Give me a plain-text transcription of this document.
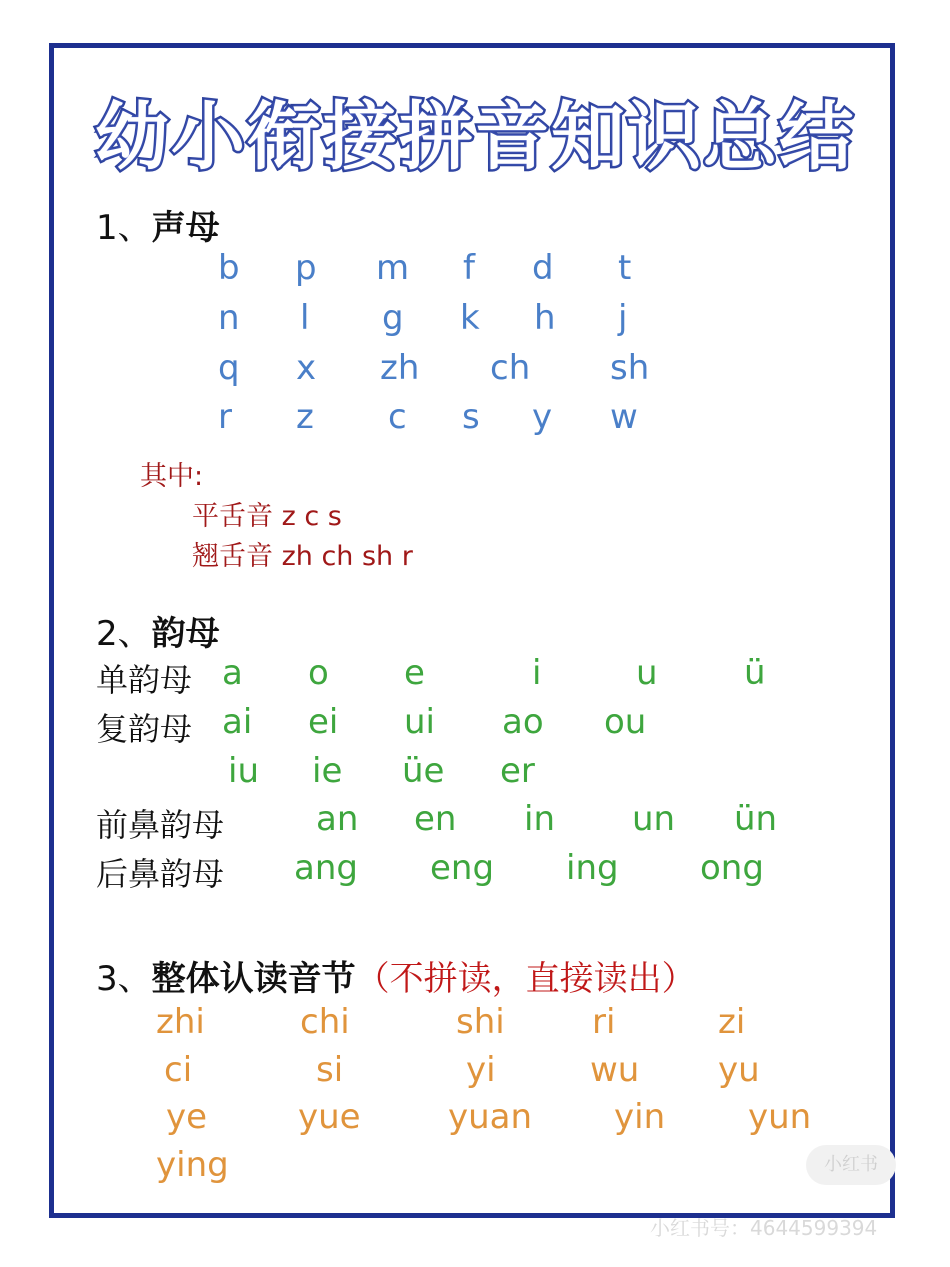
幼小衔接拼音知识总结
1、声母
b p m f d t
n l g k h j
q x zh ch sh
r z c s y w
其中:
平舌音 z c s
翘舌音 zh ch sh r
2、韵母
单韵母 a o e	i	u	ü
复韵母 ai ei ui ao ou
iu ie üe er
前鼻韵母	an en in un ün
后鼻韵母 ang eng ing ong
3、整体认读音节（不拼读，直接读出）
zhi	chi	shi	ri	zi
ci	si	yi	wu yu
ye	yue	yuan yin yun
ying	小红书
小红书号：4644599394
